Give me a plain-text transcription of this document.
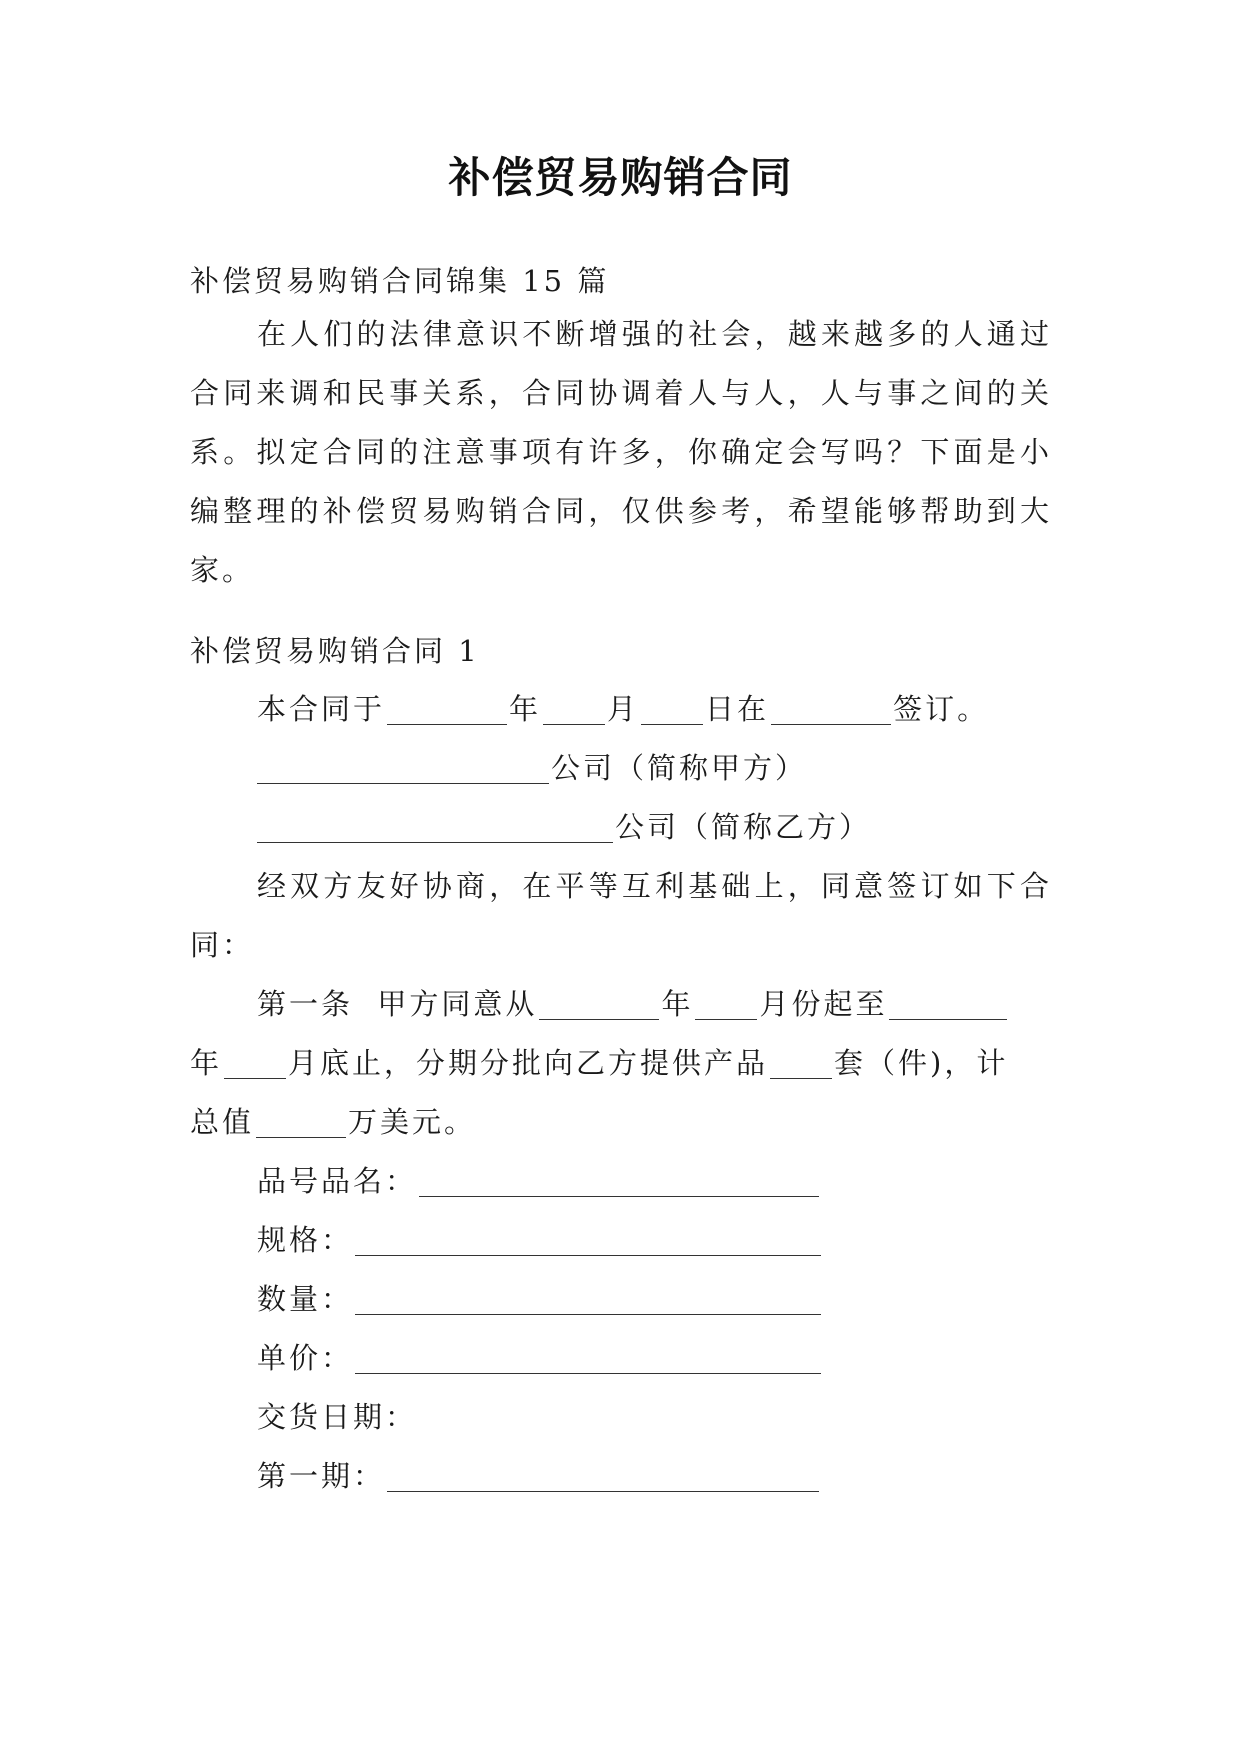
补偿贸易购销合同
补偿贸易购销合同锦集 15 篇
在人们的法律意识不断增强的社会，越来越多的人通过
合同来调和民事关系，合同协调着人与人，人与事之间的关
系。拟定合同的注意事项有许多，你确定会写吗？下面是小
编整理的补偿贸易购销合同，仅供参考，希望能够帮助到大
家。
补偿贸易购销合同 1
本合同于	年 月 日在	签订。
公司（简称甲方）
公司（简称乙方）
经双方友好协商，在平等互利基础上，同意签订如下合
同：
第一条  甲方同意从	年 月份起至
年 月底止，分期分批向乙方提供产品 套（件)，计
总值	万美元。
品号品名：
规格：
数量：
单价：
交货日期：
第一期：
